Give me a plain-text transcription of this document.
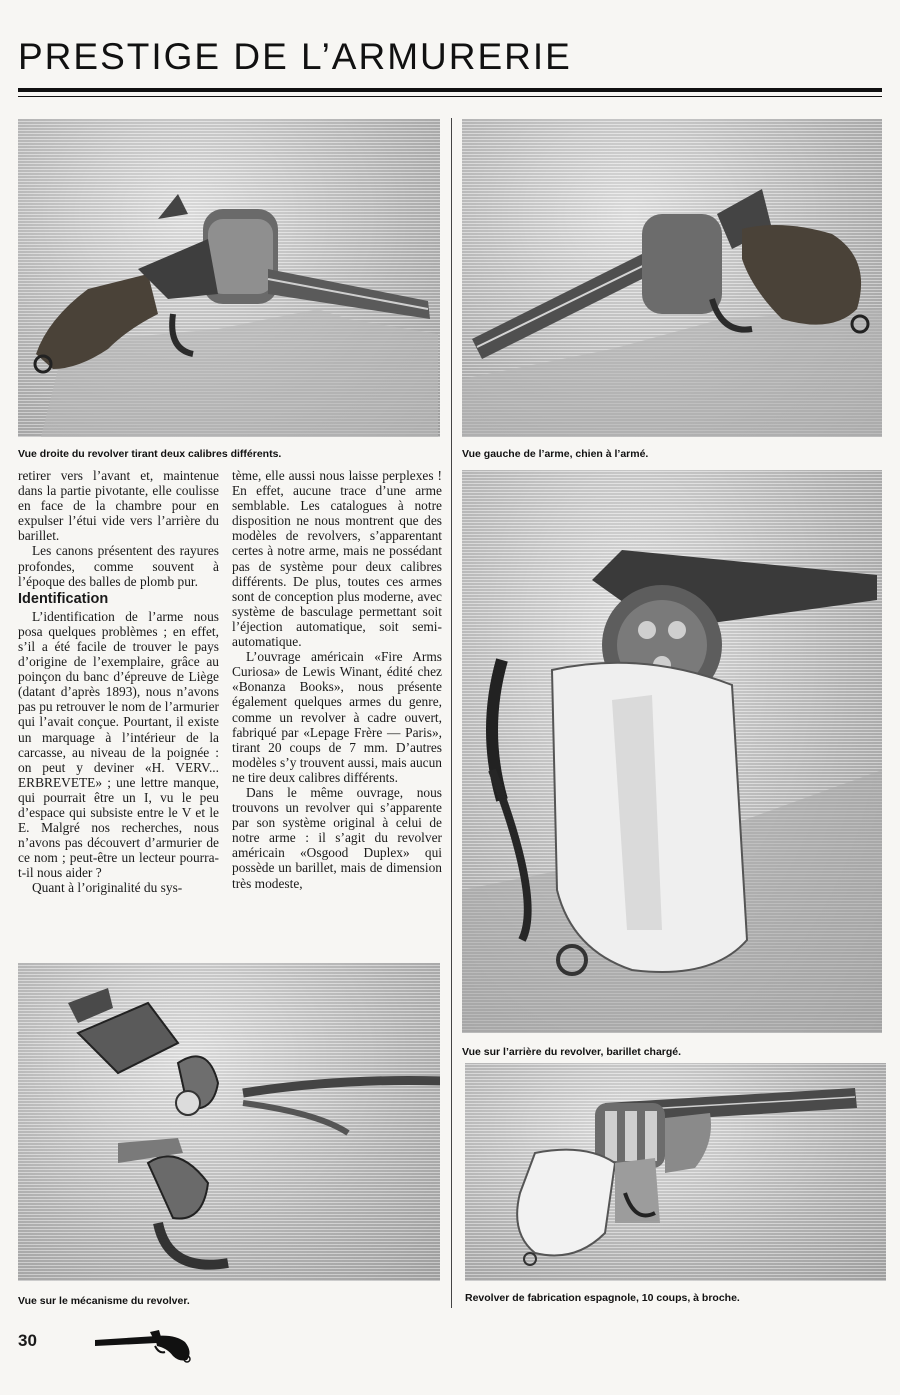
PRESTIGE DE L’ARMURERIE
Vue droite du revolver tirant deux calibres différents.	Vue gauche de l’arme, chien à l’armé.
Vue sur l’arrière du revolver, barillet chargé.
Vue sur le mécanisme du revolver.	Revolver de fabrication espagnole, 10 coups, à broche.

retirer vers l’avant et, maintenue dans la partie pivotante, elle coulisse en face de la chambre pour en expulser l’étui vide vers l’arrière du barillet.

Les canons présentent des rayures profondes, comme souvent à l’époque des balles de plomb pur.

Identification

L’identification de l’arme nous posa quelques problèmes ; en effet, s’il a été facile de trouver le pays d’origine de l’exemplaire, grâce au poinçon du banc d’épreuve de Liège (datant d’après 1893), nous n’avons pas pu retrouver le nom de l’armurier qui l’avait conçue. Pourtant, il existe un marquage à l’intérieur de la carcasse, au niveau de la poignée : on peut y deviner «H. VERV... ERBREVETE» ; une lettre manque, qui pourrait être un I, vu le peu d’espace qui subsiste entre le V et le E. Malgré nos recherches, nous n’avons pas découvert d’armurier de ce nom ; peut-être un lecteur pourra-t-il nous aider ?

Quant à l’originalité du sys-

tème, elle aussi nous laisse perplexes ! En effet, aucune trace d’une arme semblable. Les catalogues à notre disposition ne nous montrent que des modèles de revolvers, s’apparentant certes à notre arme, mais ne possédant pas de système pour deux calibres différents. De plus, toutes ces armes sont de conception plus moderne, avec système de basculage permettant soit l’éjection automatique, soit semi-automatique.

L’ouvrage américain «Fire Arms Curiosa» de Lewis Winant, édité chez «Bonanza Books», nous présente également quelques armes du genre, comme un revolver à cadre ouvert, fabriqué par «Lepage Frère — Paris», tirant 20 coups de 7 mm. D’autres modèles s’y trouvent aussi, mais aucun ne tire deux calibres différents.

Dans le même ouvrage, nous trouvons un revolver qui s’apparente par son système original à celui de notre arme : il s’agit du revolver américain «Osgood Duplex» qui possède un barillet, mais de dimension très modeste,

30
